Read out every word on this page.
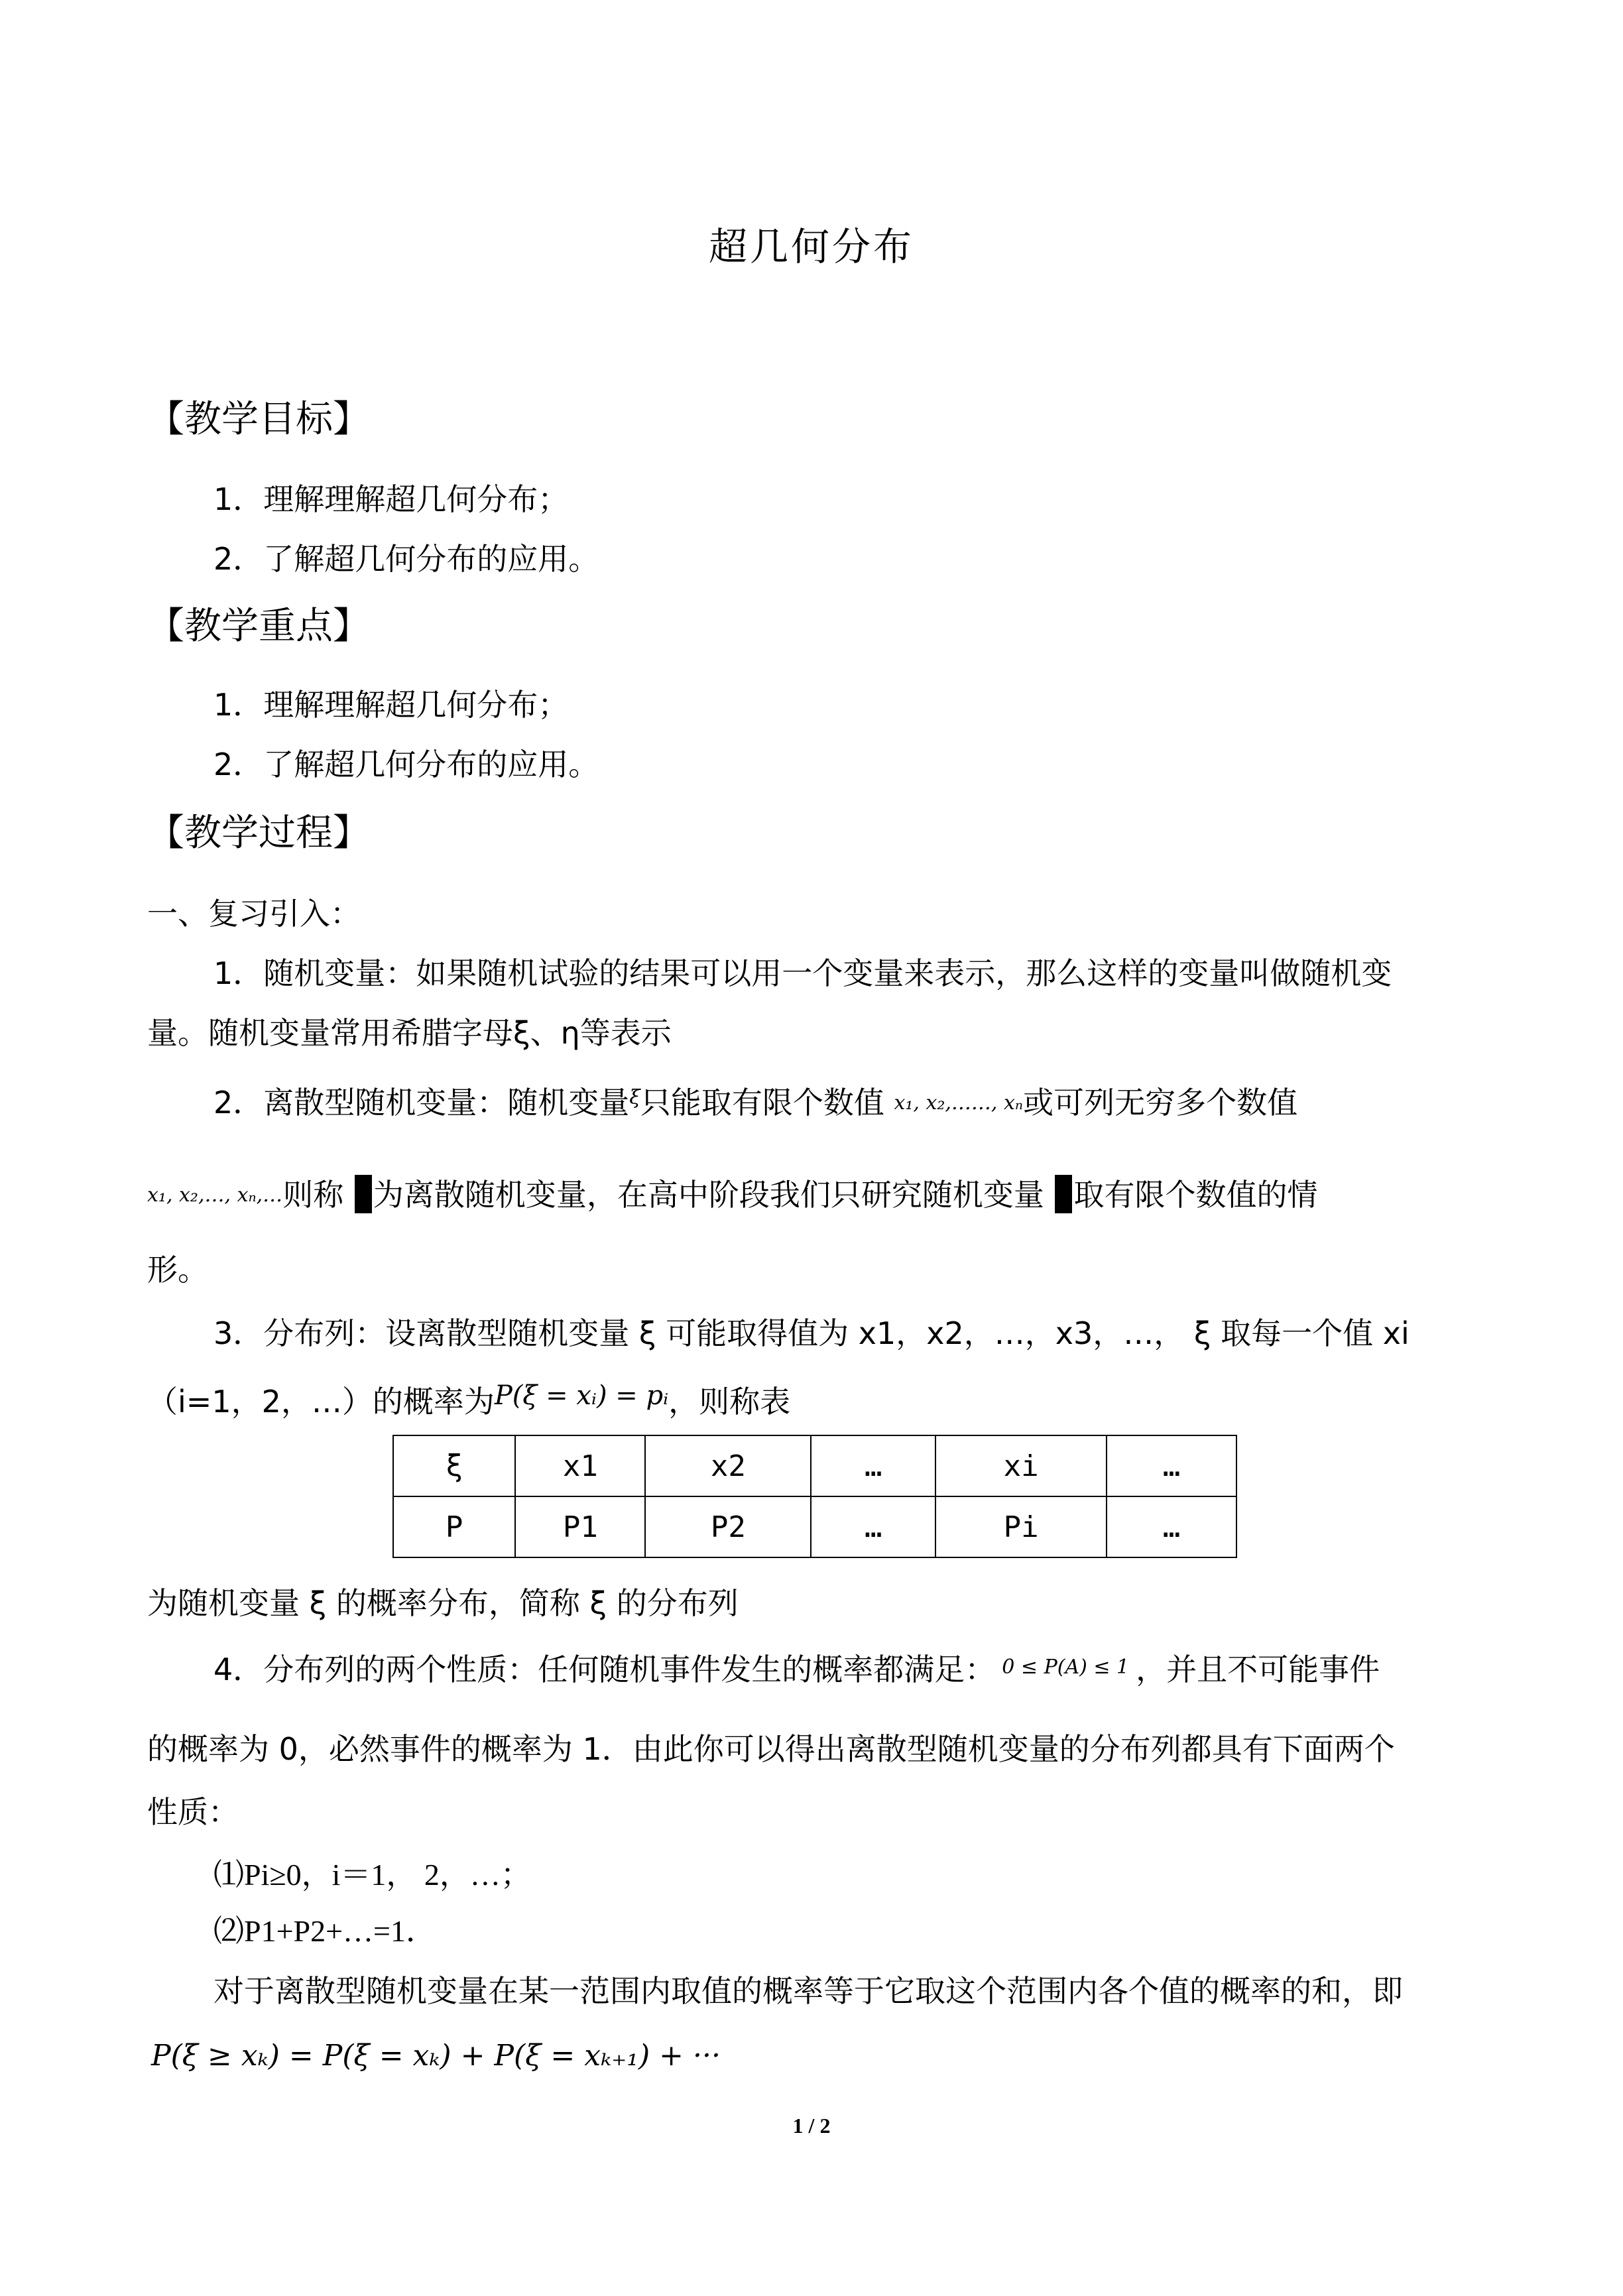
超几何分布
【教学目标】
1．理解理解超几何分布；
2．了解超几何分布的应用。
【教学重点】
1．理解理解超几何分布；
2．了解超几何分布的应用。
【教学过程】
一、复习引入：
1．随机变量：如果随机试验的结果可以用一个变量来表示，那么这样的变量叫做随机变
量。随机变量常用希腊字母ξ、η等表示
2．离散型随机变量：随机变量$^\xi$只能取有限个数值 x₁, x₂,……, xₙ或可列无穷多个数值
x₁, x₂,…, xₙ,…则称 为离散随机变量，在高中阶段我们只研究随机变量 取有限个数值的情
形。
3．分布列：设离散型随机变量 ξ 可能取得值为 x1，x2，…，x3，…， ξ 取每一个值 xi
（i=1，2，…）的概率为P(ξ = xᵢ) = pᵢ，则称表
ξ	x1	x2	…	xi	…
P	P1	P2	…	Pi	…
为随机变量 ξ 的概率分布，简称 ξ 的分布列
4．分布列的两个性质：任何随机事件发生的概率都满足： $^{0 \le P(A) \le 1}$ ，并且不可能事件
的概率为 0，必然事件的概率为 1．由此你可以得出离散型随机变量的分布列都具有下面两个
性质：
⑴Pi≥0，i＝1， 2，…；
⑵P1+P2+…=1．
对于离散型随机变量在某一范围内取值的概率等于它取这个范围内各个值的概率的和，即
P(ξ ≥ xₖ) = P(ξ = xₖ) + P(ξ = xₖ₊₁) + ···
1 / 2
